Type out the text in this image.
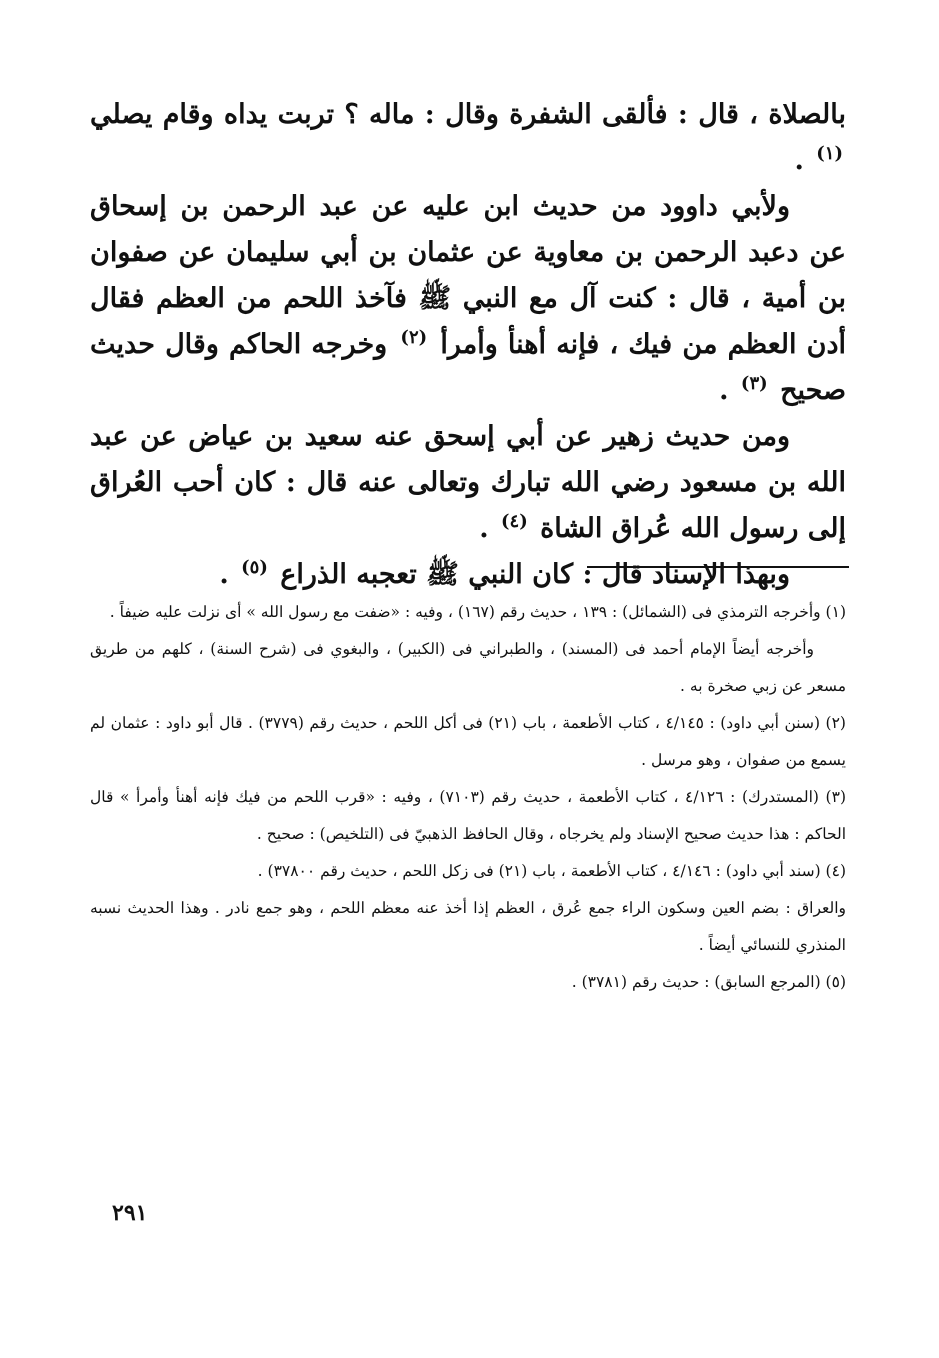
بالصلاة ، قال : فألقى الشفرة وقال : ماله ؟ تربت يداه وقام يصلي $^{(١)}$ .

ولأبي داوود من حديث ابن عليه عن عبد الرحمن بن إسحاق عن دعبد الرحمن بن معاوية عن عثمان بن أبي سليمان عن صفوان بن أمية ، قال : كنت آل مع النبي ﷺ فآخذ اللحم من العظم فقال أدن العظم من فيك ، فإنه أهنأ وأمرأ $^{(٢)}$ وخرجه الحاكم وقال حديث صحيح $^{(٣)}$ .

ومن حديث زهير عن أبي إسحق عنه سعيد بن عياض عن عبد الله بن مسعود رضي الله تبارك وتعالى عنه قال : كان أحب العُراق إلى رسول الله عُراق الشاة $^{(٤)}$ .

وبهذا الإسناد قال : كان النبي ﷺ تعجبه الذراع $^{(٥)}$ .

(١) وأخرجه الترمذي فى (الشمائل) : ١٣٩ ، حديث رقم (١٦٧) ، وفيه : «ضفت مع رسول الله » أى نزلت عليه ضيفاً .

وأخرجه أيضاً الإمام أحمد فى (المسند) ، والطبراني فى (الكبير) ، والبغوي فى (شرح السنة) ، كلهم من طريق مسعر عن زبي صخرة به .

(٢) (سنن أبي داود) : ٤/١٤٥ ، كتاب الأطعمة ، باب (٢١) فى أكل اللحم ، حديث رقم (٣٧٧٩) . قال أبو داود : عثمان لم يسمع من صفوان ، وهو مرسل .

(٣) (المستدرك) : ٤/١٢٦ ، كتاب الأطعمة ، حديث رقم (٧١٠٣) ، وفيه : «قرب اللحم من فيك فإنه أهنأ وأمرأ » قال الحاكم : هذا حديث صحيح الإسناد ولم يخرجاه ، وقال الحافظ الذهبيّ فى (التلخيص) : صحيح .

(٤) (سند أبي داود) : ٤/١٤٦ ، كتاب الأطعمة ، باب (٢١) فى زكل اللحم ، حديث رقم ٣٧٨٠٠) .

والعراق : بضم العين وسكون الراء جمع عُرق ، العظم إذا أخذ عنه معظم اللحم ، وهو جمع نادر . وهذا الحديث نسبه المنذري للنسائي أيضاً .

(٥) (المرجع السابق) : حديث رقم (٣٧٨١) .

٢٩١
